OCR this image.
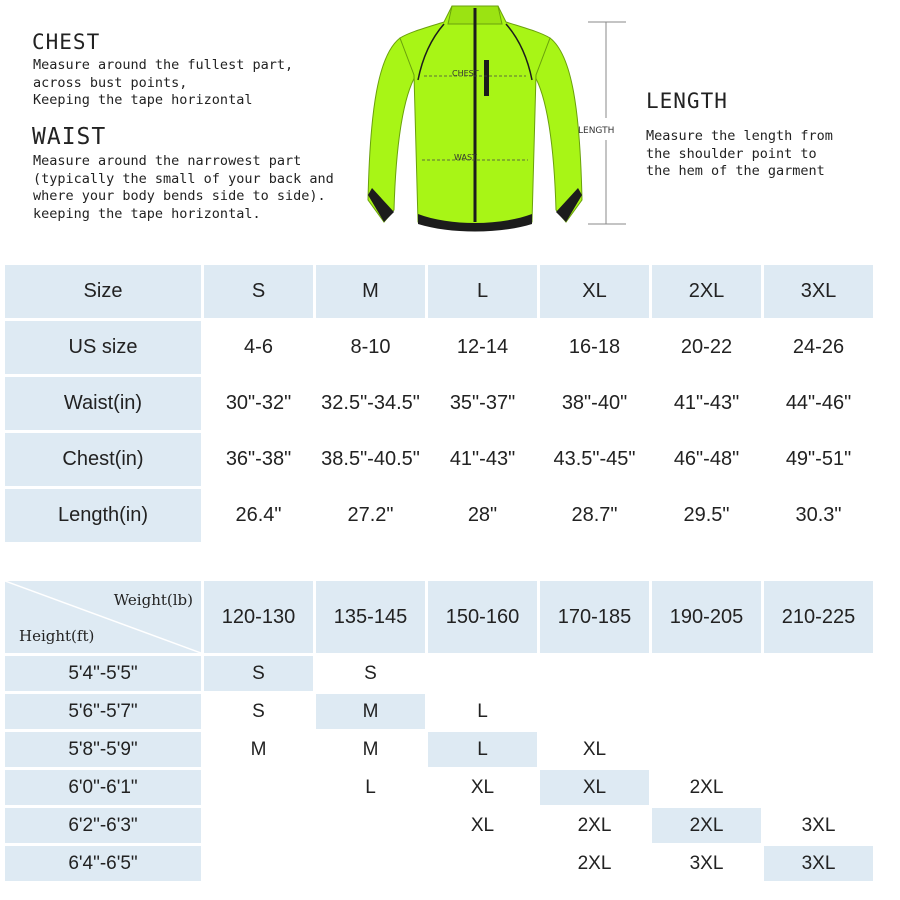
CHEST

Measure around the fullest part,
across bust points,
Keeping the tape horizontal

WAIST

Measure around the narrowest part
(typically the small of your back and
where your body bends side to side).
keeping the tape horizontal.

LENGTH

Measure the length from
the shoulder point to
the hem of the garment

CHEST
WAST
LENGTH
Size	S	M	L	XL	2XL	3XL
US size	4-6	8-10	12-14	16-18	20-22	24-26
Waist(in)	30"-32"	32.5"-34.5"	35"-37"	38"-40"	41"-43"	44"-46"
Chest(in)	36"-38"	38.5"-40.5"	41"-43"	43.5"-45"	46"-48"	49"-51"
Length(in)	26.4"	27.2"	28"	28.7"	29.5"	30.3"
Weight(lb)
Height(ft)	120-130	135-145	150-160	170-185	190-205	210-225
5'4"-5'5"	S	S				
5'6"-5'7"	S	M	L			
5'8"-5'9"	M	M	L	XL		
6'0"-6'1"		L	XL	XL	2XL	
6'2"-6'3"			XL	2XL	2XL	3XL
6'4"-6'5"				2XL	3XL	3XL
